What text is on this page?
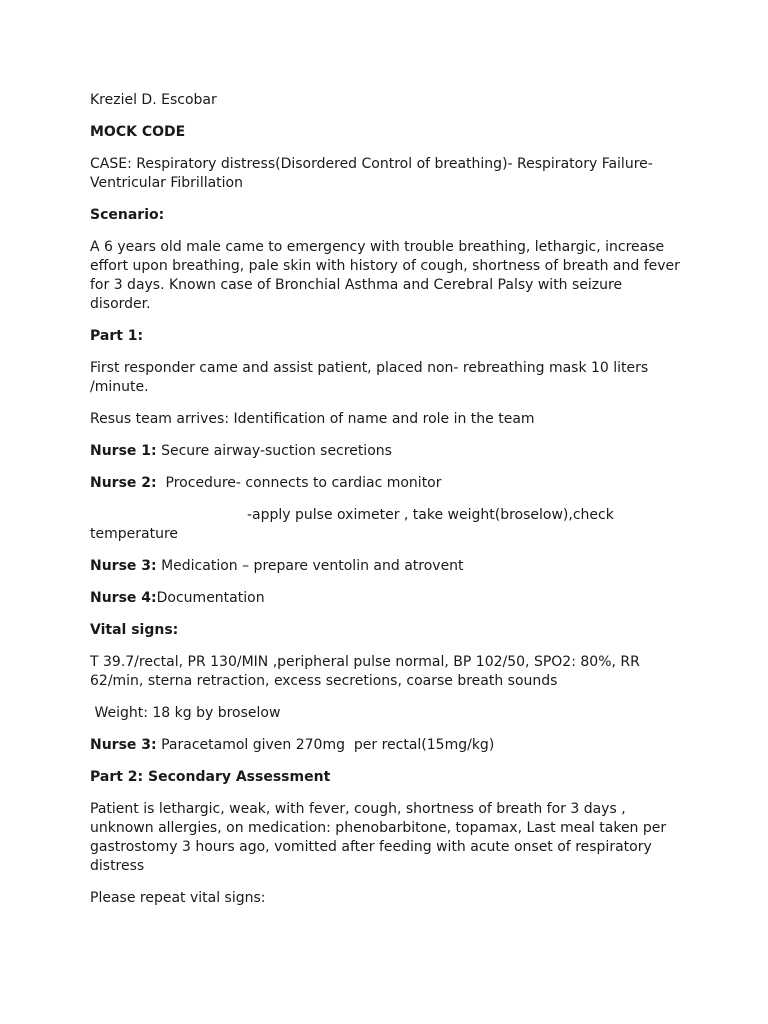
Kreziel D. Escobar

MOCK CODE

CASE: Respiratory distress(Disordered Control of breathing)- Respiratory Failure-
Ventricular Fibrillation

Scenario:

A 6 years old male came to emergency with trouble breathing, lethargic, increase
effort upon breathing, pale skin with history of cough, shortness of breath and fever
for 3 days. Known case of Bronchial Asthma and Cerebral Palsy with seizure
disorder.

Part 1:

First responder came and assist patient, placed non- rebreathing mask 10 liters
/minute.

Resus team arrives: Identification of name and role in the team

Nurse 1: Secure airway-suction secretions

Nurse 2:  Procedure- connects to cardiac monitor

-apply pulse oximeter , take weight(broselow),check
temperature

Nurse 3: Medication – prepare ventolin and atrovent

Nurse 4:Documentation

Vital signs:

T 39.7/rectal, PR 130/MIN ,peripheral pulse normal, BP 102/50, SPO2: 80%, RR
62/min, sterna retraction, excess secretions, coarse breath sounds

Weight: 18 kg by broselow

Nurse 3: Paracetamol given 270mg  per rectal(15mg/kg)

Part 2: Secondary Assessment

Patient is lethargic, weak, with fever, cough, shortness of breath for 3 days ,
unknown allergies, on medication: phenobarbitone, topamax, Last meal taken per
gastrostomy 3 hours ago, vomitted after feeding with acute onset of respiratory
distress

Please repeat vital signs:
